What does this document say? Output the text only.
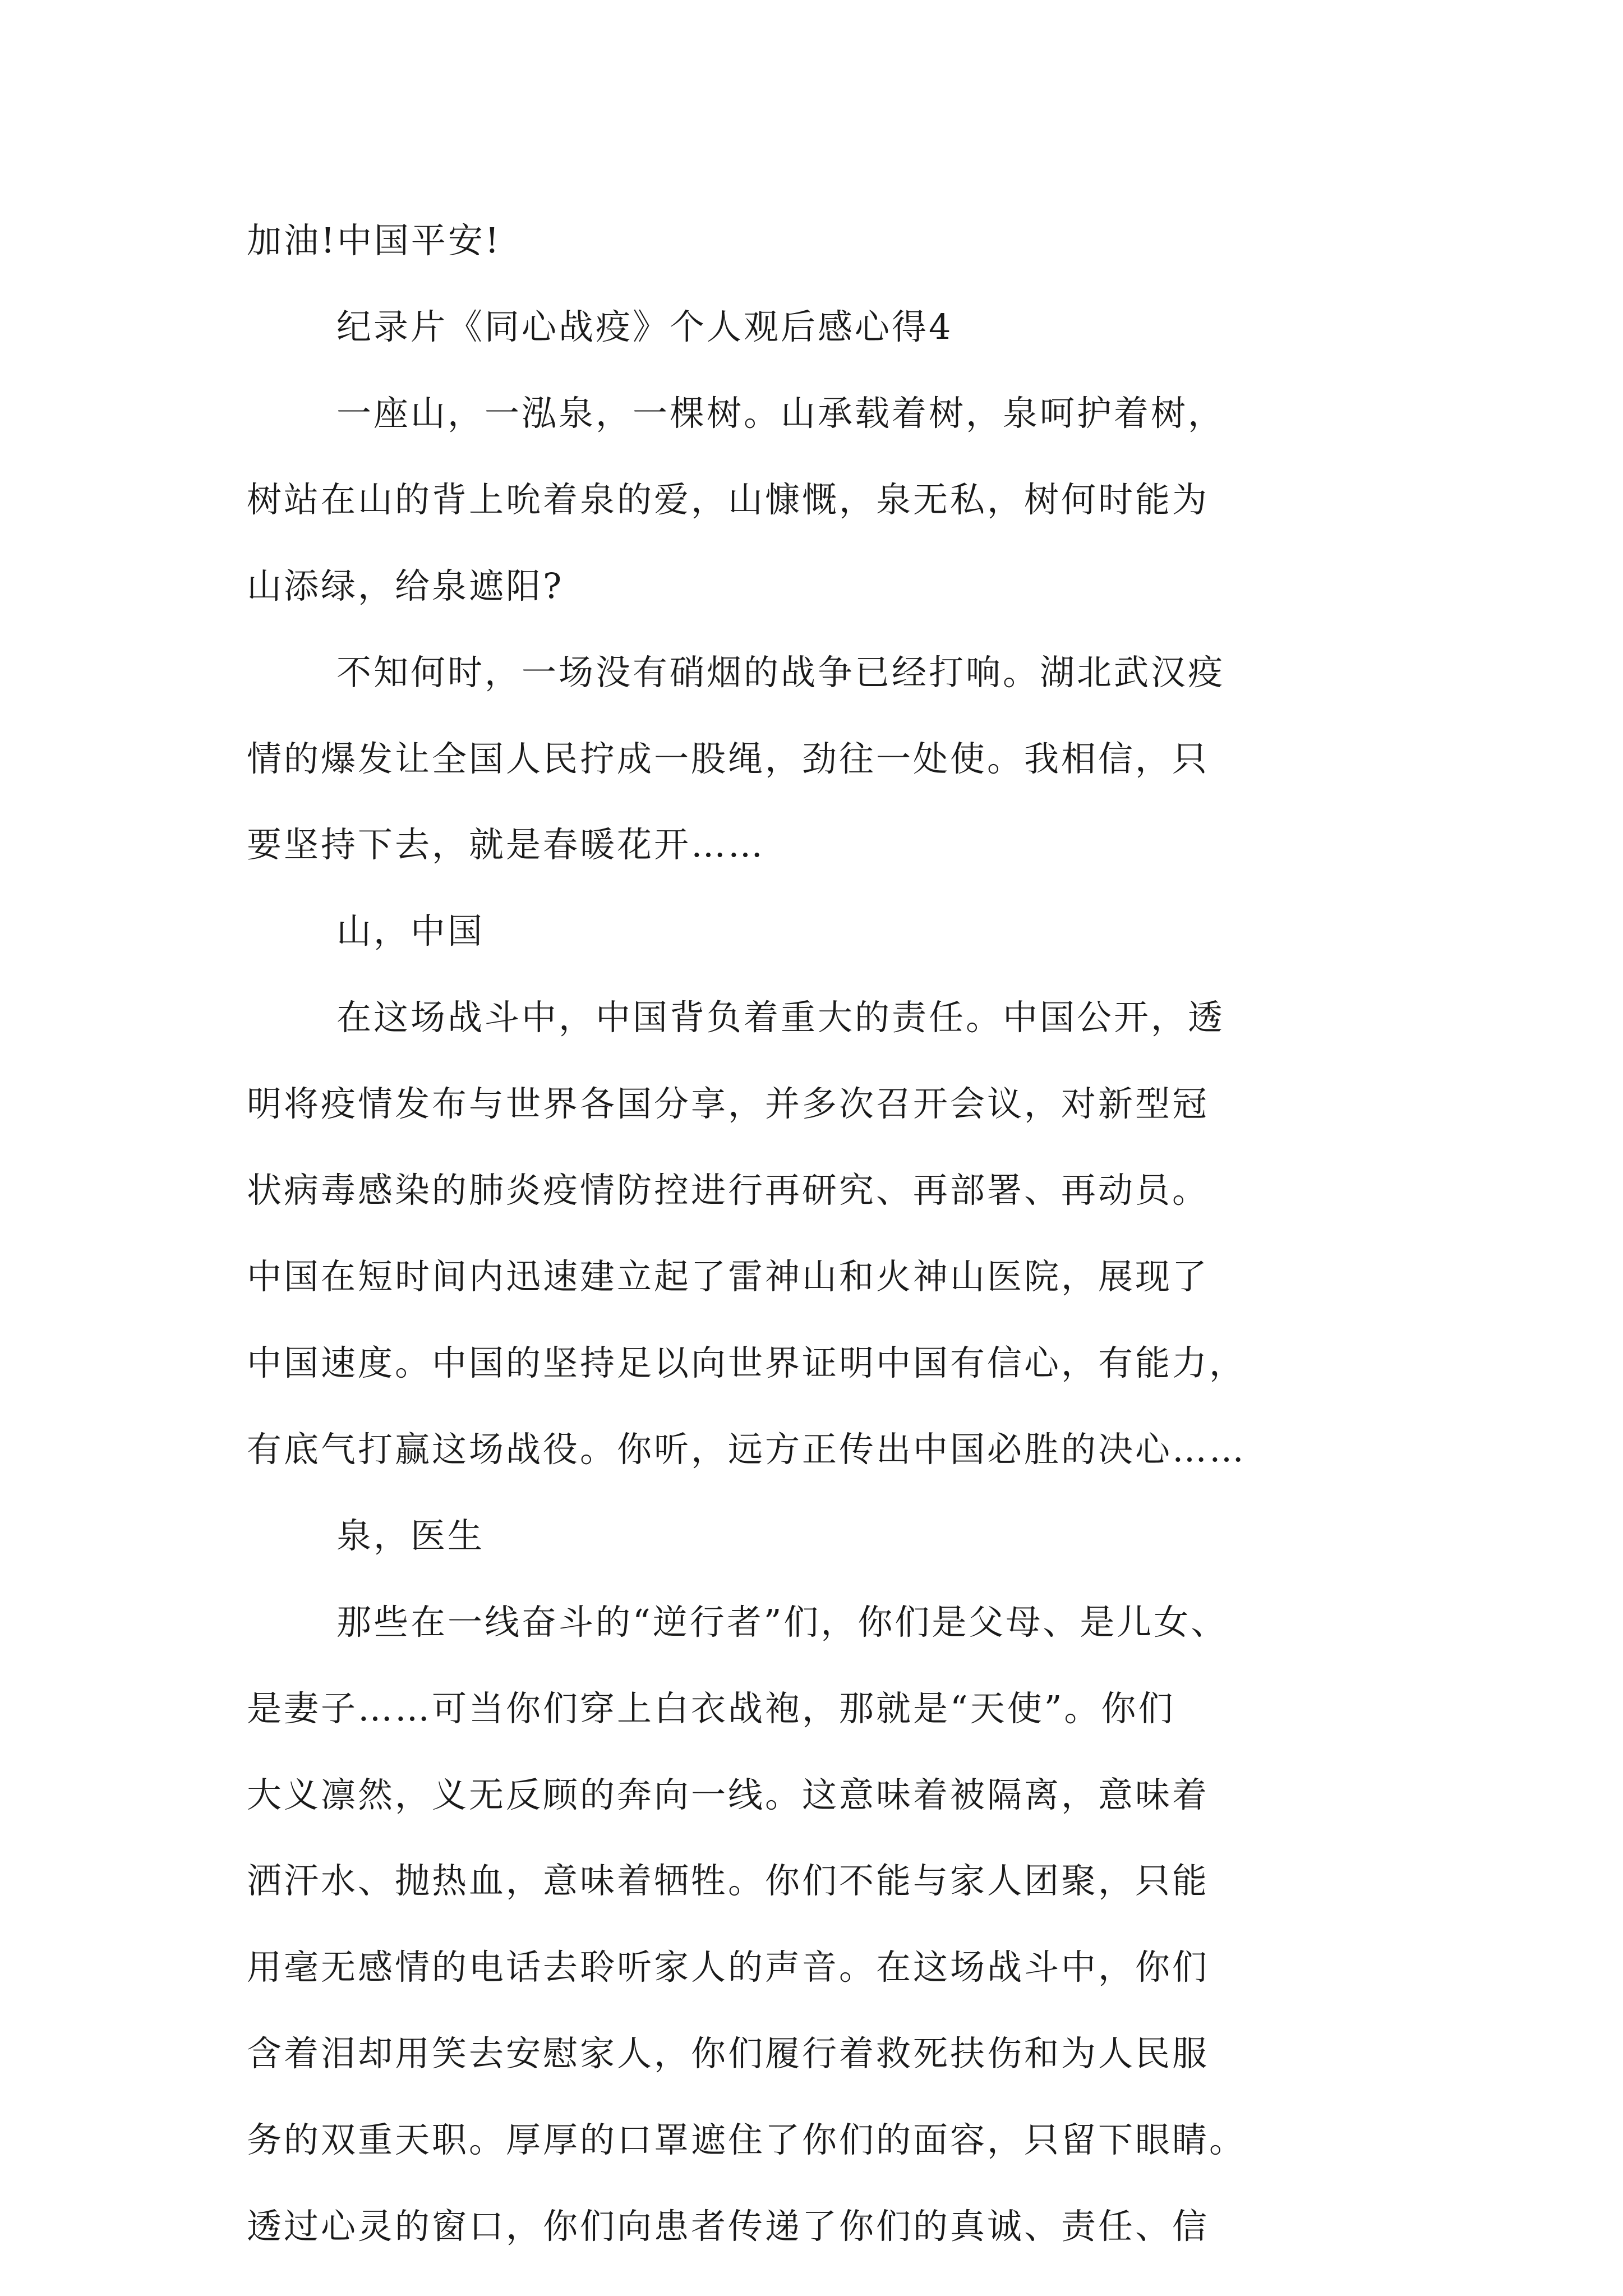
加油!中国平安!
纪录片《同心战疫》个人观后感心得4
一座山，一泓泉，一棵树。山承载着树，泉呵护着树，
树站在山的背上吮着泉的爱，山慷慨，泉无私，树何时能为
山添绿，给泉遮阳?
不知何时，一场没有硝烟的战争已经打响。湖北武汉疫
情的爆发让全国人民拧成一股绳，劲往一处使。我相信，只
要坚持下去，就是春暖花开……
山，中国
在这场战斗中，中国背负着重大的责任。中国公开，透
明将疫情发布与世界各国分享，并多次召开会议，对新型冠
状病毒感染的肺炎疫情防控进行再研究、再部署、再动员。
中国在短时间内迅速建立起了雷神山和火神山医院，展现了
中国速度。中国的坚持足以向世界证明中国有信心，有能力，
有底气打赢这场战役。你听，远方正传出中国必胜的决心……
泉，医生
那些在一线奋斗的“逆行者”们，你们是父母、是儿女、
是妻子……可当你们穿上白衣战袍，那就是“天使”。你们
大义凛然，义无反顾的奔向一线。这意味着被隔离，意味着
洒汗水、抛热血，意味着牺牲。你们不能与家人团聚，只能
用毫无感情的电话去聆听家人的声音。在这场战斗中，你们
含着泪却用笑去安慰家人，你们履行着救死扶伤和为人民服
务的双重天职。厚厚的口罩遮住了你们的面容，只留下眼睛。
透过心灵的窗口，你们向患者传递了你们的真诚、责任、信
